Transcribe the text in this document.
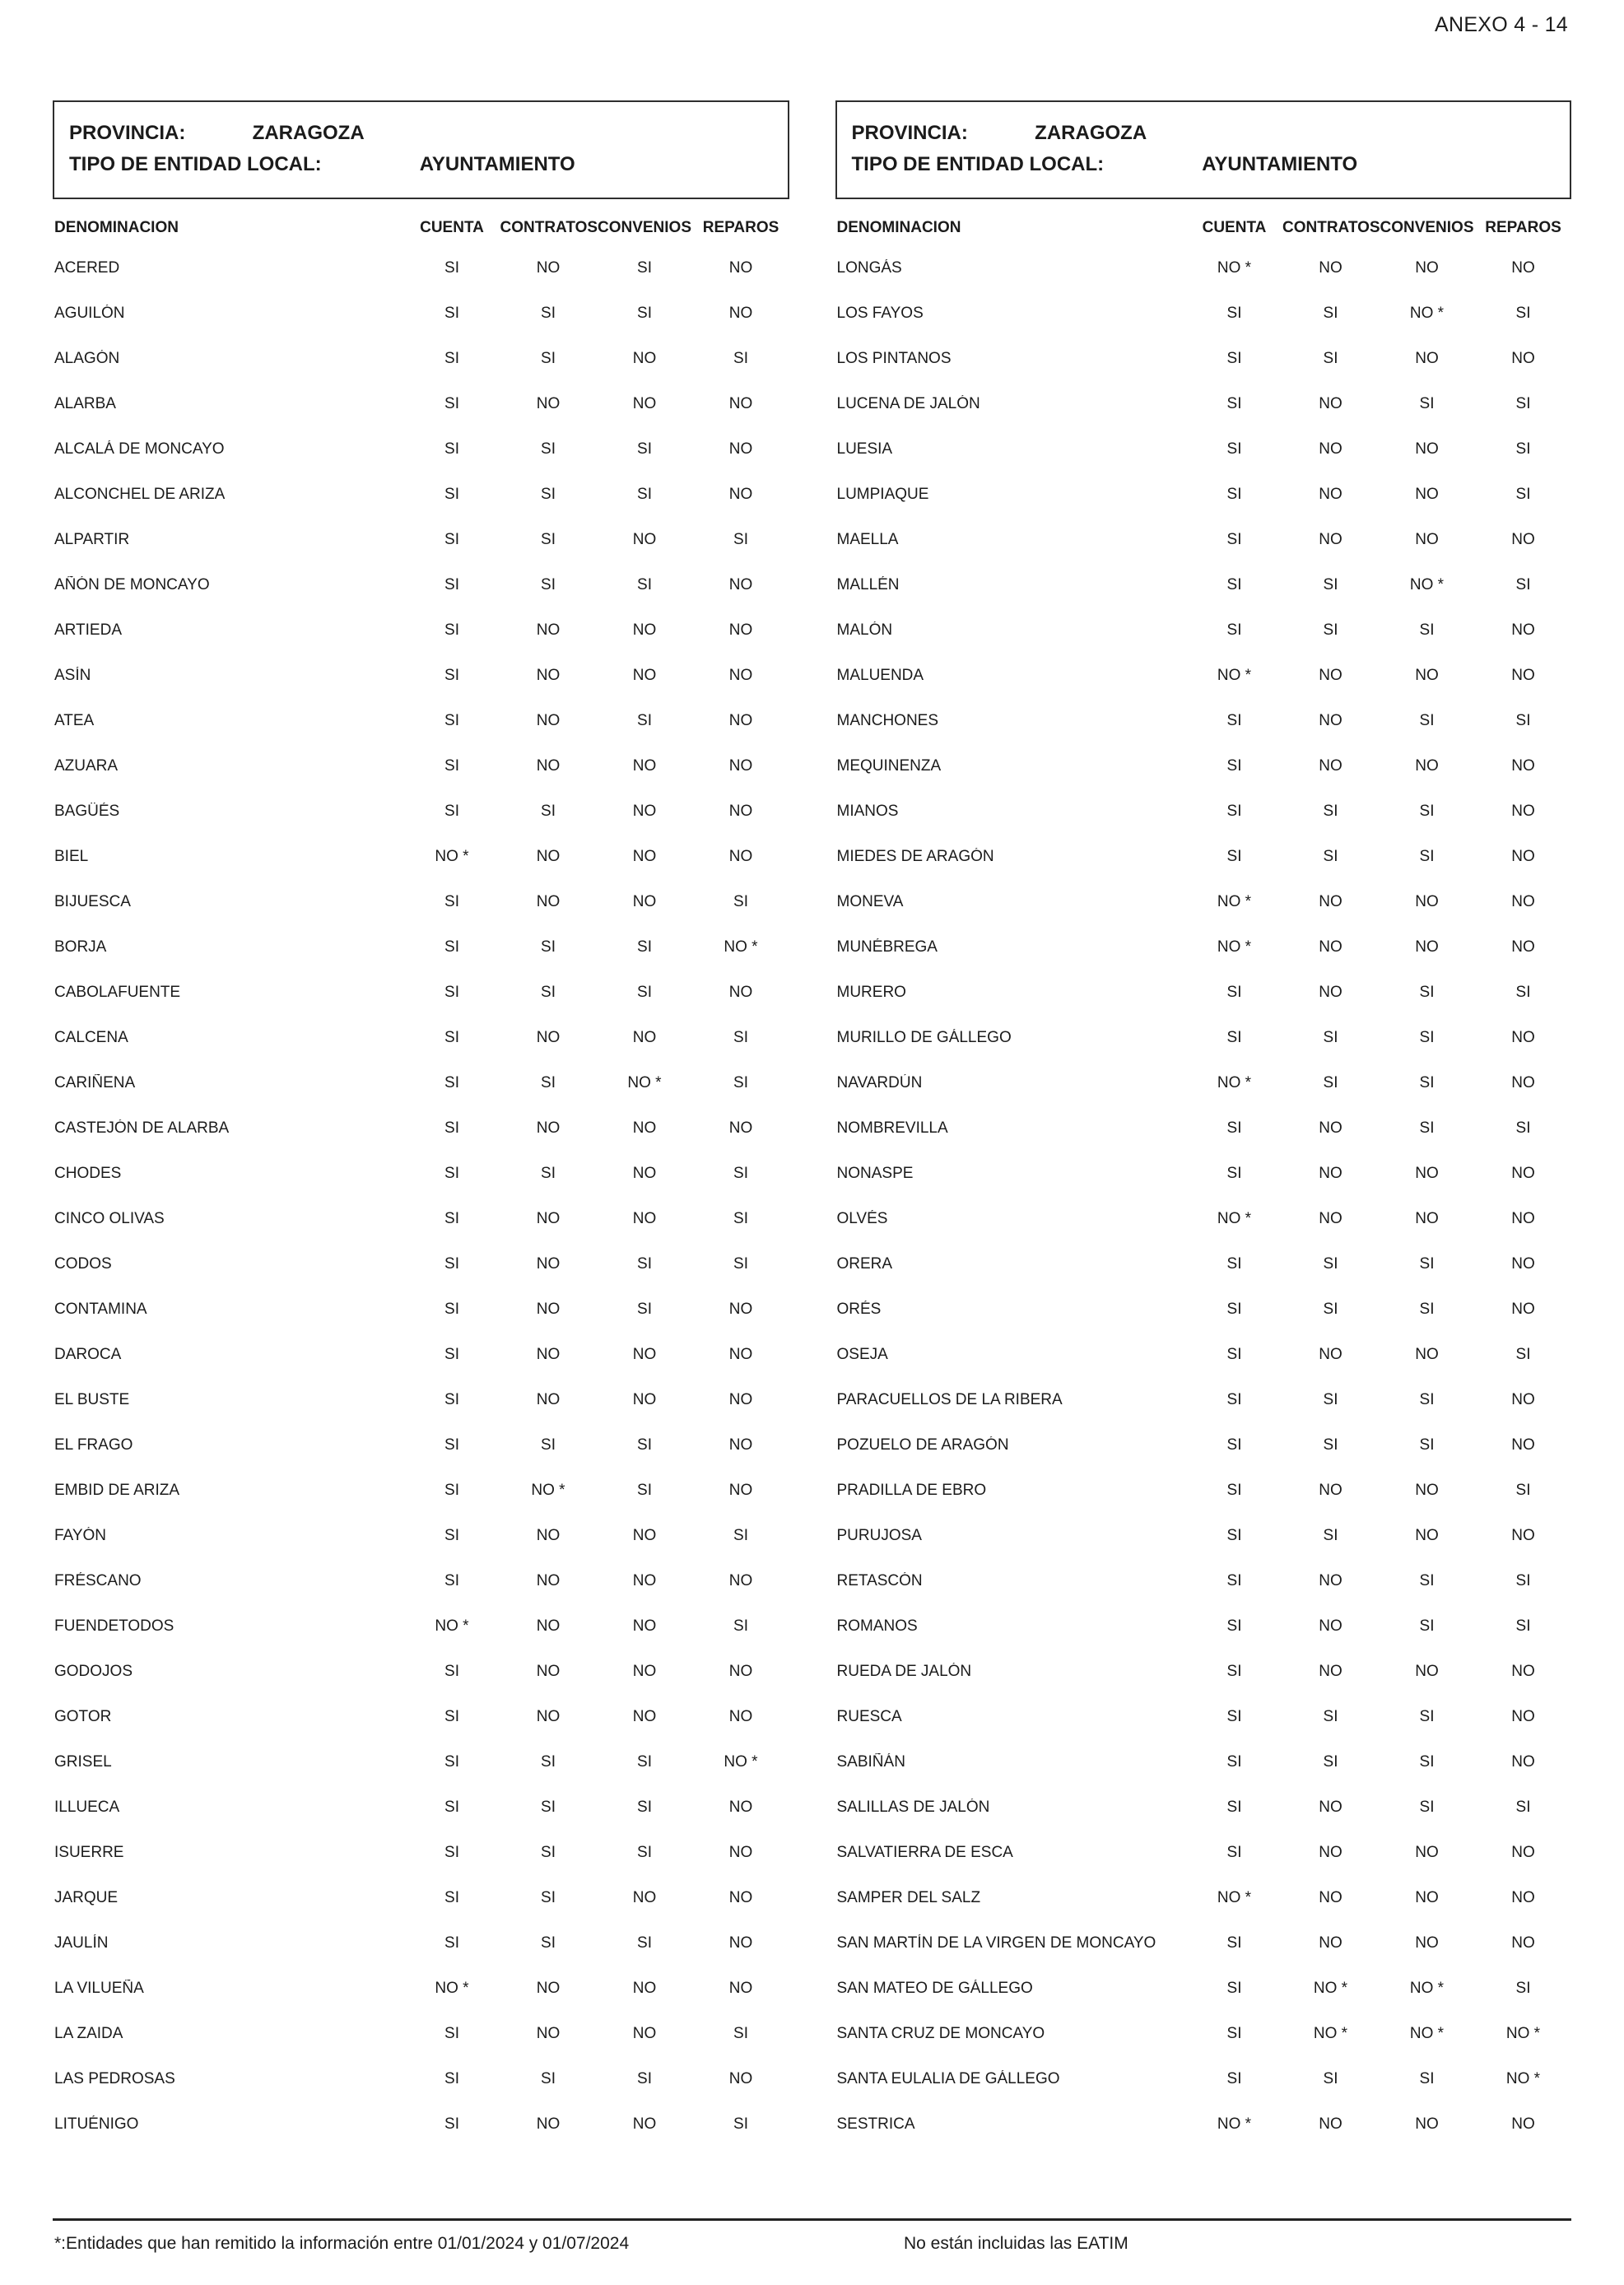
ANEXO 4 - 14
PROVINCIA:	ZARAGOZA
TIPO DE ENTIDAD LOCAL:	AYUNTAMIENTO
DENOMINACION	CUENTA	CONTRATOS CONVENIOS REPAROS
ACERED	SI	NO	SI	NO
AGUILÓN	SI	SI	SI	NO
ALAGÓN	SI	SI	NO	SI
ALARBA	SI	NO	NO	NO
ALCALÁ DE MONCAYO	SI	SI	SI	NO
ALCONCHEL DE ARIZA	SI	SI	SI	NO
ALPARTIR	SI	SI	NO	SI
AÑÓN DE MONCAYO	SI	SI	SI	NO
ARTIEDA	SI	NO	NO	NO
ASÍN	SI	NO	NO	NO
ATEA	SI	NO	SI	NO
AZUARA	SI	NO	NO	NO
BAGÜÉS	SI	SI	NO	NO
BIEL	NO *	NO	NO	NO
BIJUESCA	SI	NO	NO	SI
BORJA	SI	SI	SI	NO *
CABOLAFUENTE	SI	SI	SI	NO
CALCENA	SI	NO	NO	SI
CARIÑENA	SI	SI	NO *	SI
CASTEJÓN DE ALARBA	SI	NO	NO	NO
CHODES	SI	SI	NO	SI
CINCO OLIVAS	SI	NO	NO	SI
CODOS	SI	NO	SI	SI
CONTAMINA	SI	NO	SI	NO
DAROCA	SI	NO	NO	NO
EL BUSTE	SI	NO	NO	NO
EL FRAGO	SI	SI	SI	NO
EMBID DE ARIZA	SI	NO *	SI	NO
FAYÓN	SI	NO	NO	SI
FRÉSCANO	SI	NO	NO	NO
FUENDETODOS	NO *	NO	NO	SI
GODOJOS	SI	NO	NO	NO
GOTOR	SI	NO	NO	NO
GRISEL	SI	SI	SI	NO *
ILLUECA	SI	SI	SI	NO
ISUERRE	SI	SI	SI	NO
JARQUE	SI	SI	NO	NO
JAULÍN	SI	SI	SI	NO
LA VILUEÑA	NO *	NO	NO	NO
LA ZAIDA	SI	NO	NO	SI
LAS PEDROSAS	SI	SI	SI	NO
LITUÉNIGO	SI	NO	NO	SI
PROVINCIA:	ZARAGOZA
TIPO DE ENTIDAD LOCAL:	AYUNTAMIENTO
DENOMINACION	CUENTA	CONTRATOS CONVENIOS REPAROS
LONGÁS	NO *	NO	NO	NO
LOS FAYOS	SI	SI	NO *	SI
LOS PINTANOS	SI	SI	NO	NO
LUCENA DE JALÓN	SI	NO	SI	SI
LUESIA	SI	NO	NO	SI
LUMPIAQUE	SI	NO	NO	SI
MAELLA	SI	NO	NO	NO
MALLÉN	SI	SI	NO *	SI
MALÓN	SI	SI	SI	NO
MALUENDA	NO *	NO	NO	NO
MANCHONES	SI	NO	SI	SI
MEQUINENZA	SI	NO	NO	NO
MIANOS	SI	SI	SI	NO
MIEDES DE ARAGÓN	SI	SI	SI	NO
MONEVA	NO *	NO	NO	NO
MUNÉBREGA	NO *	NO	NO	NO
MURERO	SI	NO	SI	SI
MURILLO DE GÁLLEGO	SI	SI	SI	NO
NAVARDÚN	NO *	SI	SI	NO
NOMBREVILLA	SI	NO	SI	SI
NONASPE	SI	NO	NO	NO
OLVÉS	NO *	NO	NO	NO
ORERA	SI	SI	SI	NO
ORÉS	SI	SI	SI	NO
OSEJA	SI	NO	NO	SI
PARACUELLOS DE LA RIBERA	SI	SI	SI	NO
POZUELO DE ARAGÓN	SI	SI	SI	NO
PRADILLA DE EBRO	SI	NO	NO	SI
PURUJOSA	SI	SI	NO	NO
RETASCÓN	SI	NO	SI	SI
ROMANOS	SI	NO	SI	SI
RUEDA DE JALÓN	SI	NO	NO	NO
RUESCA	SI	SI	SI	NO
SABIÑÁN	SI	SI	SI	NO
SALILLAS DE JALÓN	SI	NO	SI	SI
SALVATIERRA DE ESCA	SI	NO	NO	NO
SAMPER DEL SALZ	NO *	NO	NO	NO
SAN MARTÍN DE LA VIRGEN DE MONCAYO	SI	NO	NO	NO
SAN MATEO DE GÁLLEGO	SI	NO *	NO *	SI
SANTA CRUZ DE MONCAYO	SI	NO *	NO *	NO *
SANTA EULALIA DE GÁLLEGO	SI	SI	SI	NO *
SESTRICA	NO *	NO	NO	NO
*:Entidades que han remitido la información entre 01/01/2024 y 01/07/2024	No están incluidas las EATIM
